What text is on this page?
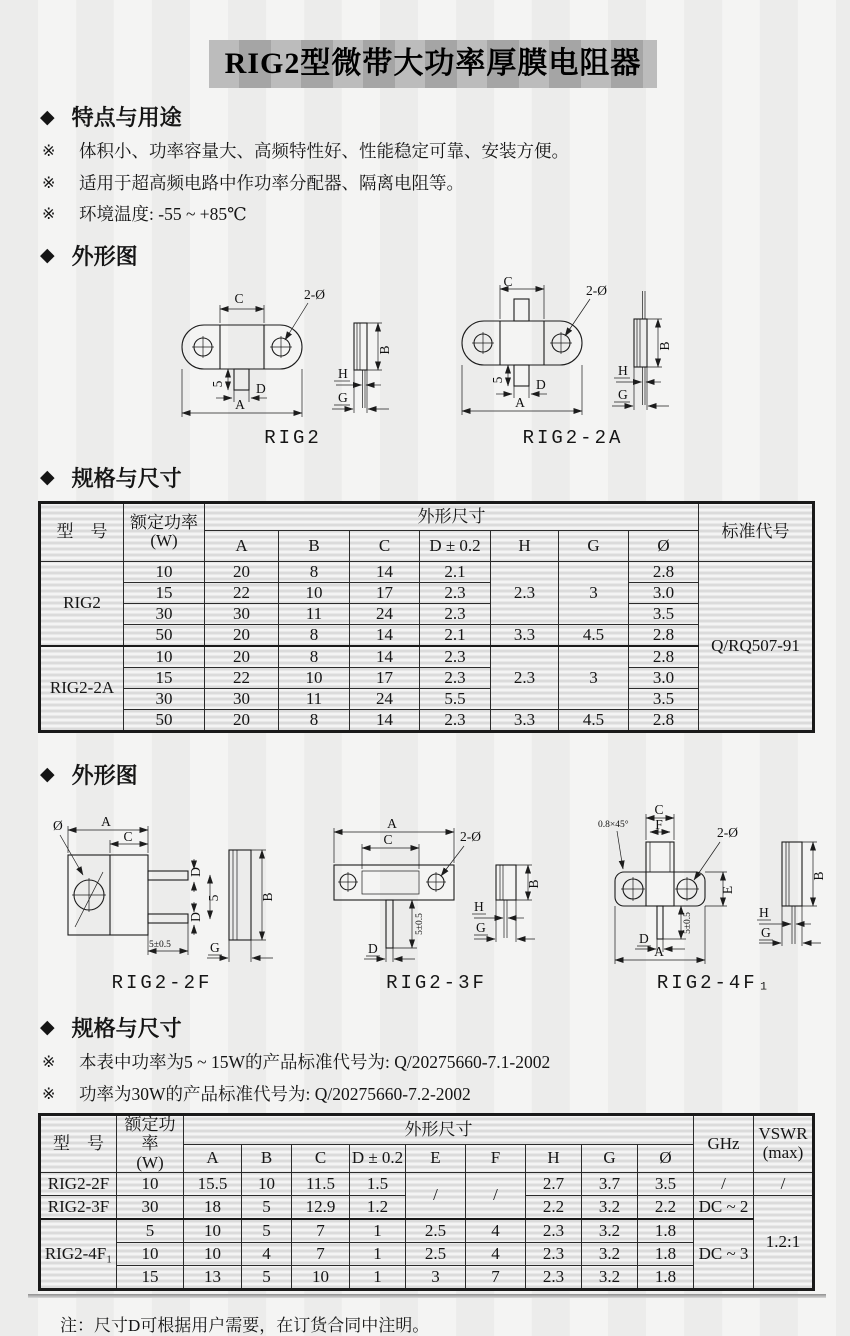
RIG2型微带大功率厚膜电阻器
◆ 特点与用途
※	体积小、功率容量大、高频特性好、性能稳定可靠、安装方便。
※	适用于超高频电路中作功率分配器、隔离电阻等。
※	环境温度: -55 ~ +85℃
◆ 外形图
C	2-Ø
5 D
A
B
H
G
RIG2
C
2-Ø
5 D
A
B
H
G
RIG2-2A
◆ 规格与尺寸
型　号	额定功率
(W)	外形尺寸							标准代号
		A	B	C	D ± 0.2	H	G	Ø	
RIG2	10	20	8	14	2.1	2.3	3	2.8	Q/RQ507-91
	15	22	10	17	2.3			3.0	
	30	30	11	24	2.3			3.5	
	50	20	8	14	2.1	3.3	4.5	2.8	
RIG2-2A	10	20	8	14	2.3	2.3	3	2.8	
	15	22	10	17	2.3			3.0	
	30	30	11	24	5.5			3.5	
	50	20	8	14	2.3	3.3	4.5	2.8	
◆ 外形图
Ø	A
C
D
D
5
5±0.5
B
G
RIG2-2F
A
C	2-Ø
D
5±0.5
B
H
G
RIG2-3F
C
F
0.8×45°	2-Ø
E
D
A
5±0.5
B
H
G
RIG2-4F₁
◆ 规格与尺寸
※	本表中功率为5 ~ 15W的产品标准代号为: Q/20275660-7.1-2002
※	功率为30W的产品标准代号为: Q/20275660-7.2-2002
型　号	
额定功率
(W)
	外形尺寸	GHz	VSWR
(max)

		A	B	C	D ± 0.2	E	F	H	G	Ø		
RIG2-2F	10	15.5	10	11.5	1.5	/	/	2.7	3.7	3.5	/	/
RIG2-3F	30	18	5	12.9	1.2			2.2	3.2	2.2	DC ~ 2	1.2:1
RIG2-4F₁	5	10	5	7	1	2.5	4	2.3	3.2	1.8	DC ~ 3	
	10	10	4	7	1	2.5	4	2.3	3.2	1.8		
	15	13	5	10	1	3	7	2.3	3.2	1.8		
注：尺寸D可根据用户需要，在订货合同中注明。
